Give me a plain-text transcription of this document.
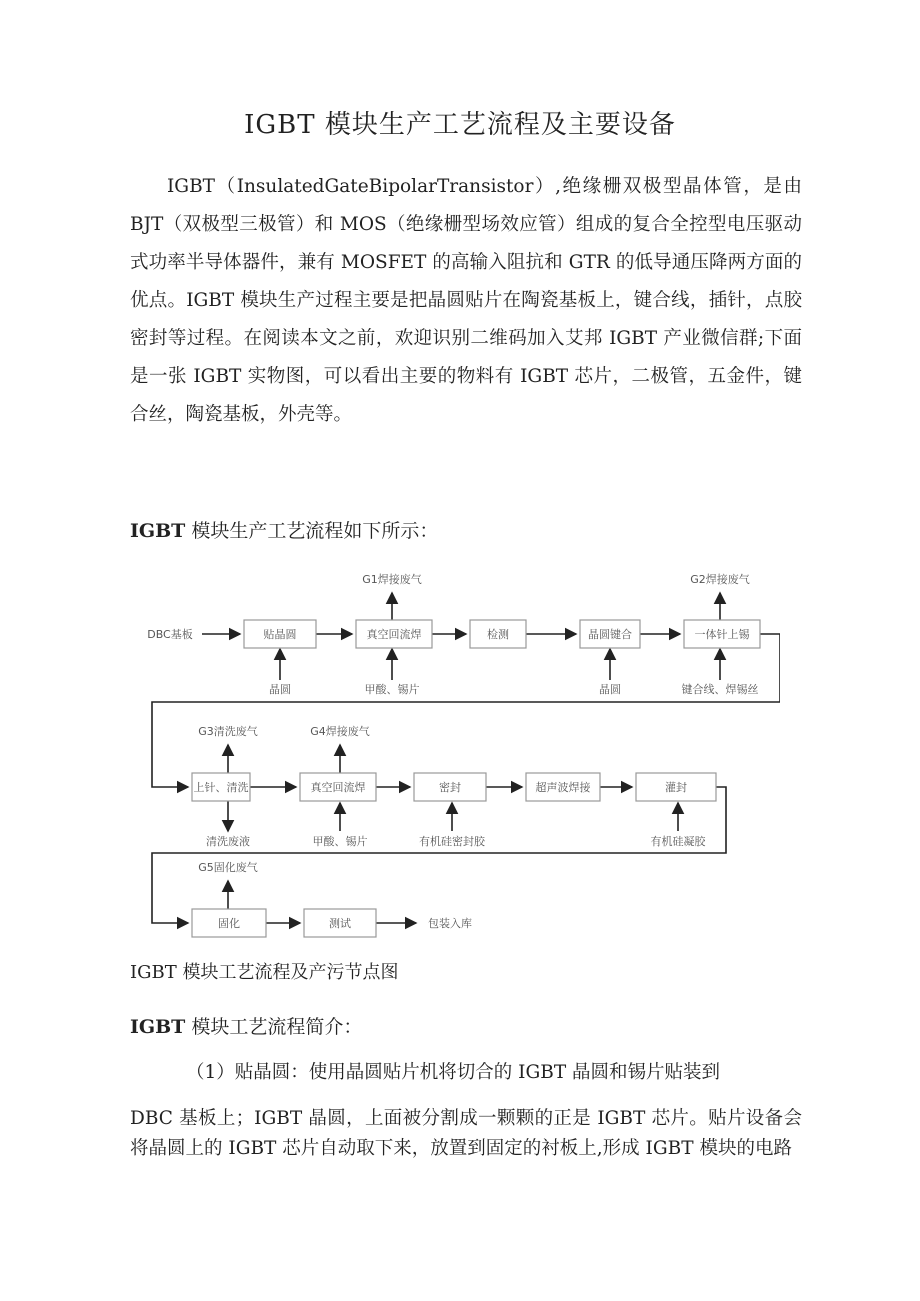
IGBT 模块生产工艺流程及主要设备

IGBT（InsulatedGateBipolarTransistor）,绝缘栅双极型晶体管，是由 BJT（双极型三极管）和 MOS（绝缘栅型场效应管）组成的复合全控型电压驱动式功率半导体器件，兼有 MOSFET 的高输入阻抗和 GTR 的低导通压降两方面的优点。IGBT 模块生产过程主要是把晶圆贴片在陶瓷基板上，键合线，插针，点胶密封等过程。在阅读本文之前，欢迎识别二维码加入艾邦 IGBT 产业微信群;下面是一张 IGBT 实物图，可以看出主要的物料有 IGBT 芯片，二极管，五金件，键合丝，陶瓷基板，外壳等。

IGBT 模块生产工艺流程如下所示：
DBC基板	贴晶圆	真空回流焊	检测	晶圆键合	一体针上锡
G1焊接废气	G2焊接废气
晶圆	甲酸、锡片	晶圆	键合线、焊锡丝
上针、清洗	真空回流焊	密封	超声波焊接	灌封
G3清洗废气	G4焊接废气
清洗废液	甲酸、锡片	有机硅密封胶	有机硅凝胶
固化	测试	包装入库
G5固化废气
IGBT 模块工艺流程及产污节点图
IGBT 模块工艺流程简介：
（1）贴晶圆：使用晶圆贴片机将切合的 IGBT 晶圆和锡片贴装到

DBC 基板上；IGBT 晶圆，上面被分割成一颗颗的正是 IGBT 芯片。贴片设备会将晶圆上的 IGBT 芯片自动取下来，放置到固定的衬板上,形成 IGBT 模块的电路
